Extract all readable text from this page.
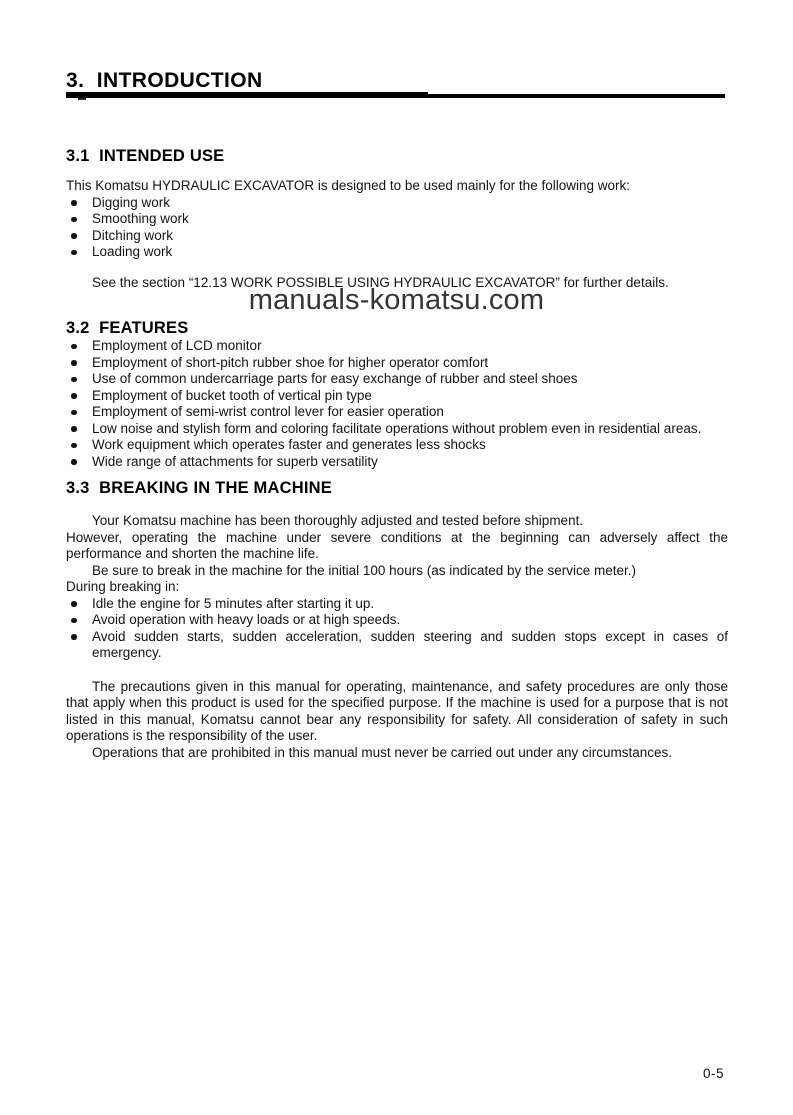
3.  INTRODUCTION
3.1  INTENDED USE

This Komatsu HYDRAULIC EXCAVATOR is designed to be used mainly for the following work:

Digging work
Smoothing work
Ditching work
Loading work

See the section “12.13 WORK POSSIBLE USING HYDRAULIC EXCAVATOR” for further details.

3.2  FEATURES
Employment of LCD monitor
Employment of short-pitch rubber shoe for higher operator comfort
Use of common undercarriage parts for easy exchange of rubber and steel shoes
Employment of bucket tooth of vertical pin type
Employment of semi-wrist control lever for easier operation
Low noise and stylish form and coloring facilitate operations without problem even in residential areas.
Work equipment which operates faster and generates less shocks
Wide range of attachments for superb versatility
3.3  BREAKING IN THE MACHINE

Your Komatsu machine has been thoroughly adjusted and tested before shipment.

However, operating the machine under severe conditions at the beginning can adversely affect the performance and shorten the machine life.

Be sure to break in the machine for the initial 100 hours (as indicated by the service meter.)

During breaking in:

Idle the engine for 5 minutes after starting it up.
Avoid operation with heavy loads or at high speeds.
Avoid sudden starts, sudden acceleration, sudden steering and sudden stops except in cases of emergency.

The precautions given in this manual for operating, maintenance, and safety procedures are only those that apply when this product is used for the specified purpose. If the machine is used for a purpose that is not listed in this manual, Komatsu cannot bear any responsibility for safety. All consideration of safety in such operations is the responsibility of the user.

Operations that are prohibited in this manual must never be carried out under any circumstances.

manuals-komatsu.com
0-5
